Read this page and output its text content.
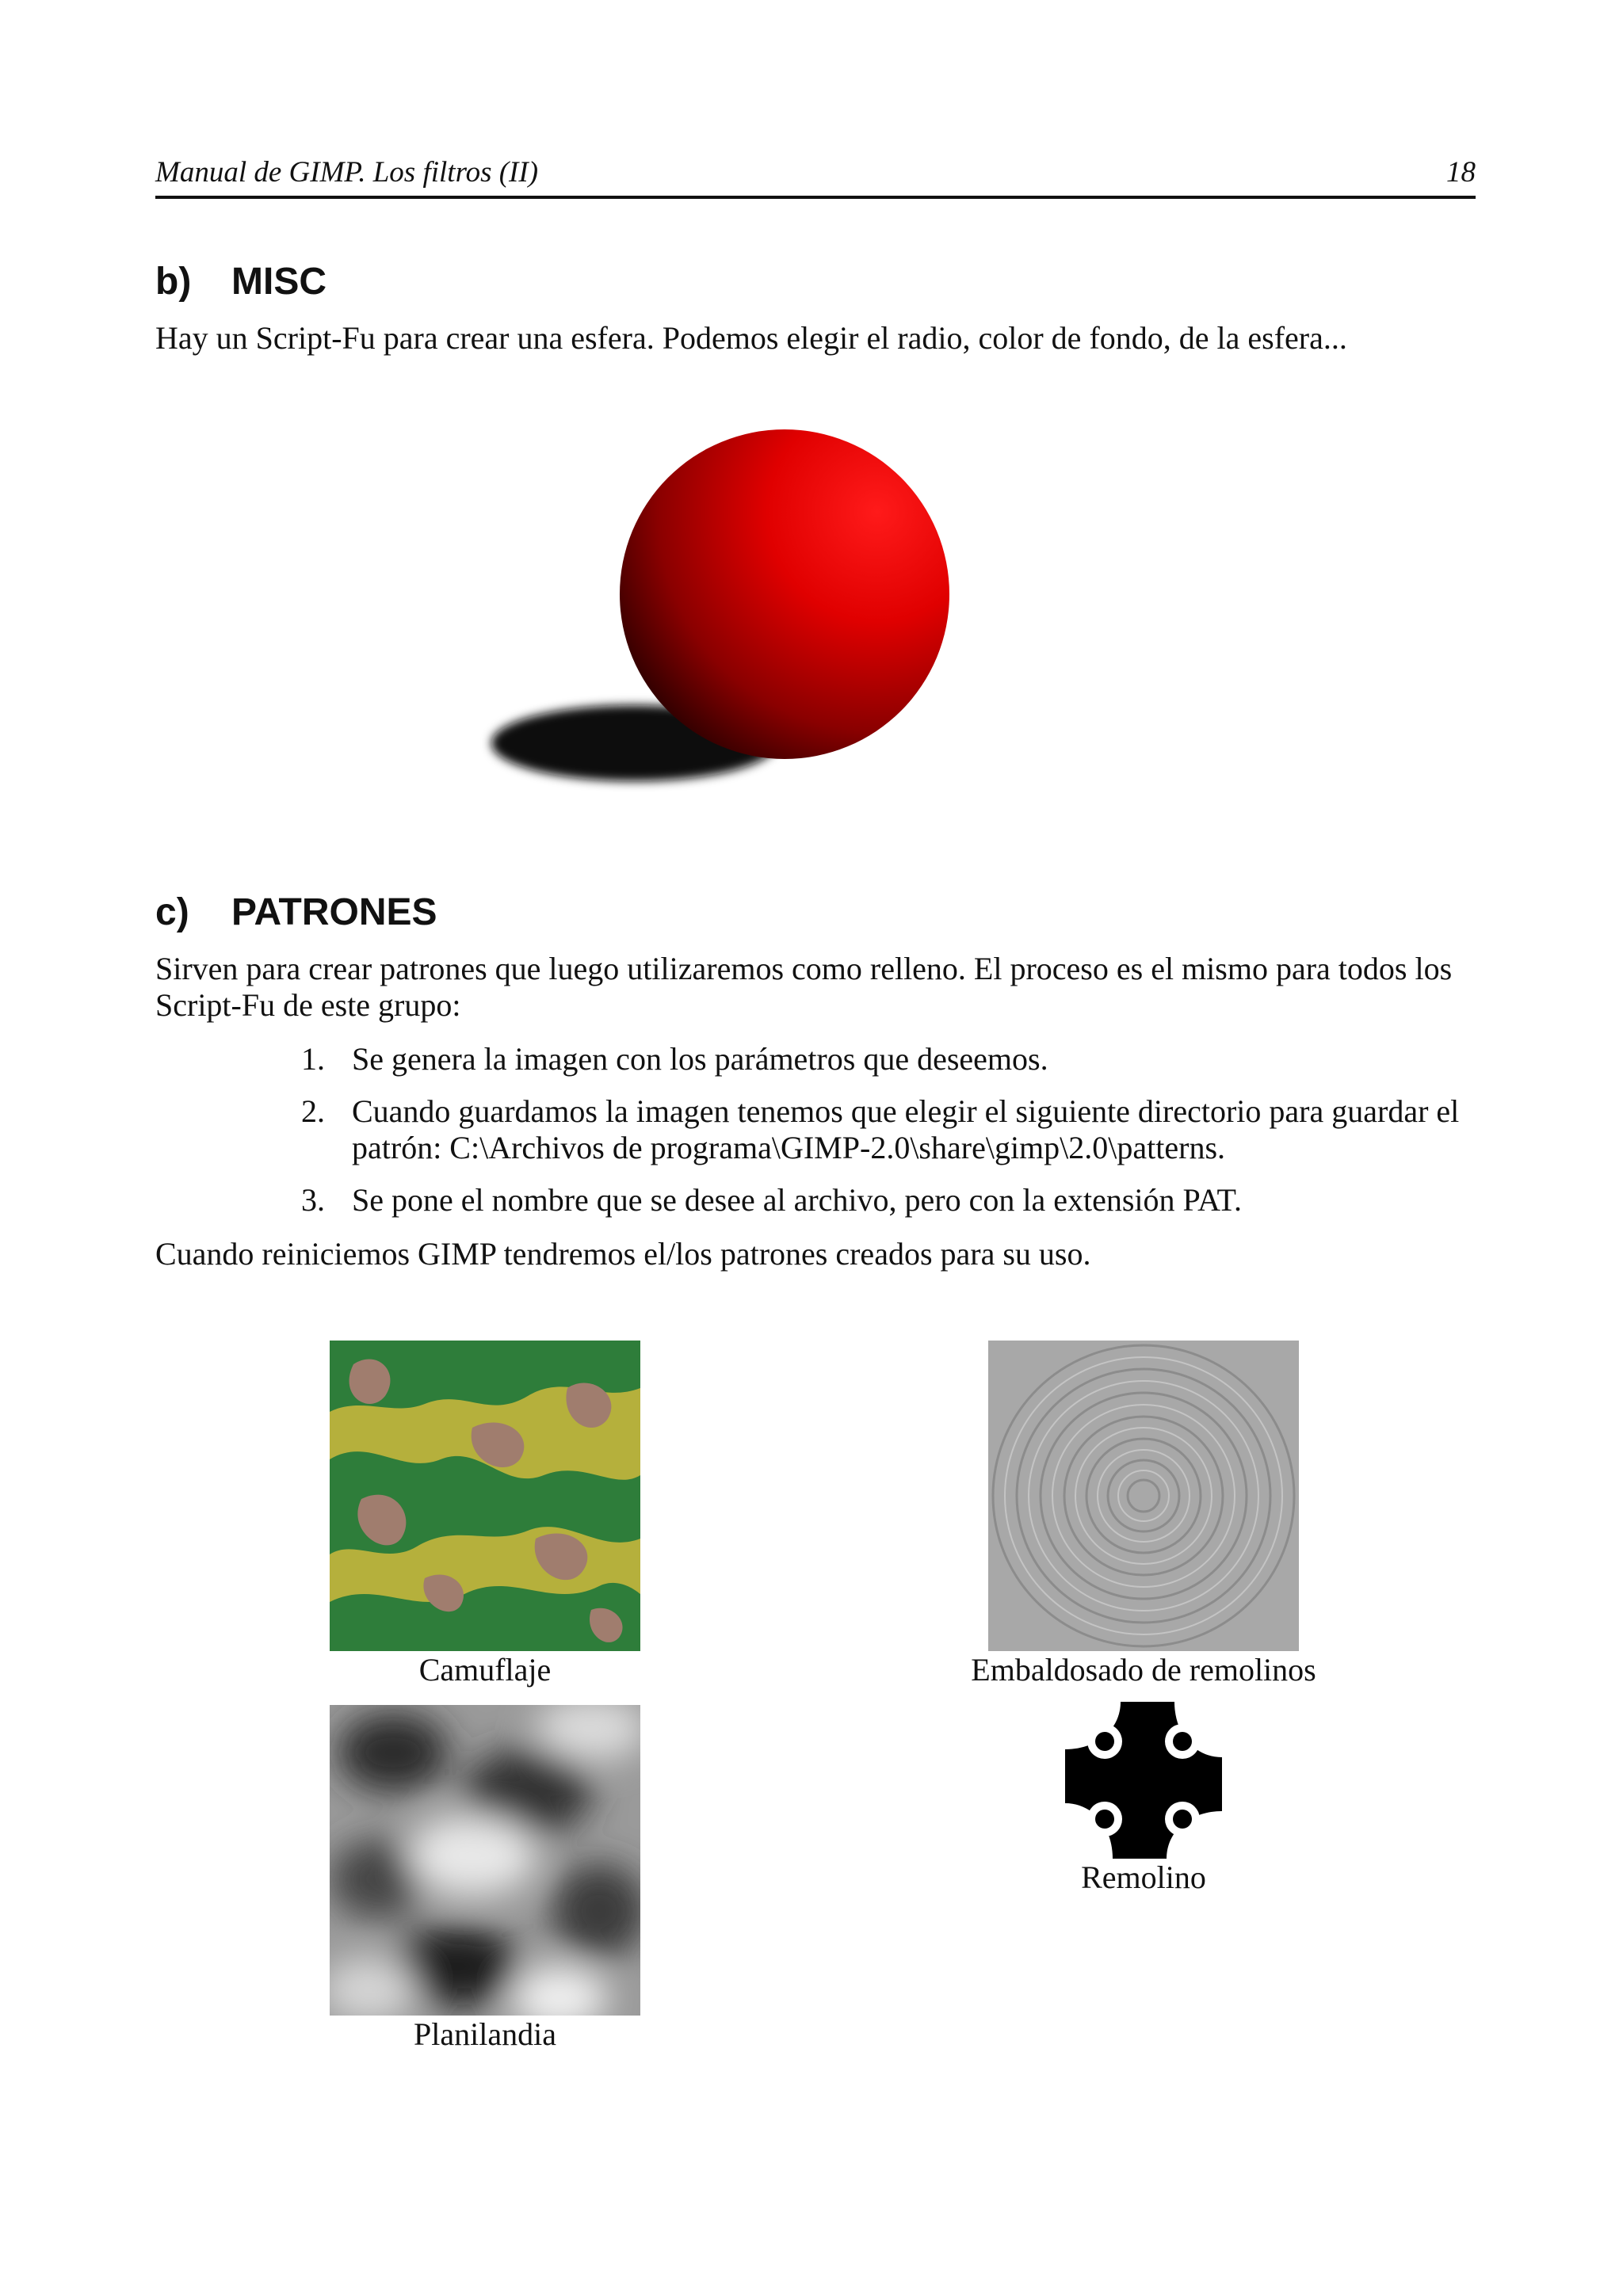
Manual de GIMP. Los filtros (II)	18
b) MISC
Hay un Script-Fu para crear una esfera. Podemos elegir el radio, color de fondo, de la esfera...
c) PATRONES
Sirven para crear patrones que luego utilizaremos como relleno. El proceso es el mismo para todos los Script-Fu de este grupo:
1. Se genera la imagen con los parámetros que deseemos.
2. Cuando guardamos la imagen tenemos que elegir el siguiente directorio para guardar el patrón: C:\Archivos de programa\GIMP-2.0\share\gimp\2.0\patterns.
3. Se pone el nombre que se desee al archivo, pero con la extensión PAT.
Cuando reiniciemos GIMP tendremos el/los patrones creados para su uso.
Camuflaje	Embaldosado de remolinos
Remolino
Planilandia
